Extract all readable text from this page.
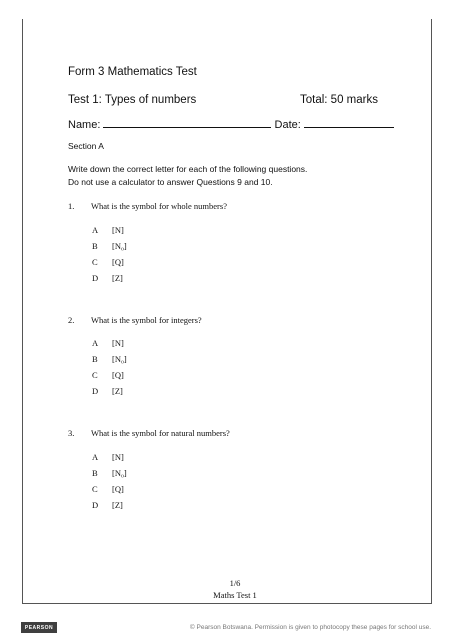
Form 3 Mathematics Test
Test 1: Types of numbers	Total: 50 marks
Name:	Date:
Section A
Write down the correct letter for each of the following questions.
Do not use a calculator to answer Questions 9 and 10.
1. What is the symbol for whole numbers?
A [N]
B [N₀]
C [Q]
D [Z]
2. What is the symbol for integers?
A [N]
B [N₀]
C [Q]
D [Z]
3. What is the symbol for natural numbers?
A [N]
B [N₀]
C [Q]
D [Z]
1/6
Maths Test 1
PEARSON	© Pearson Botswana. Permission is given to photocopy these pages for school use.
